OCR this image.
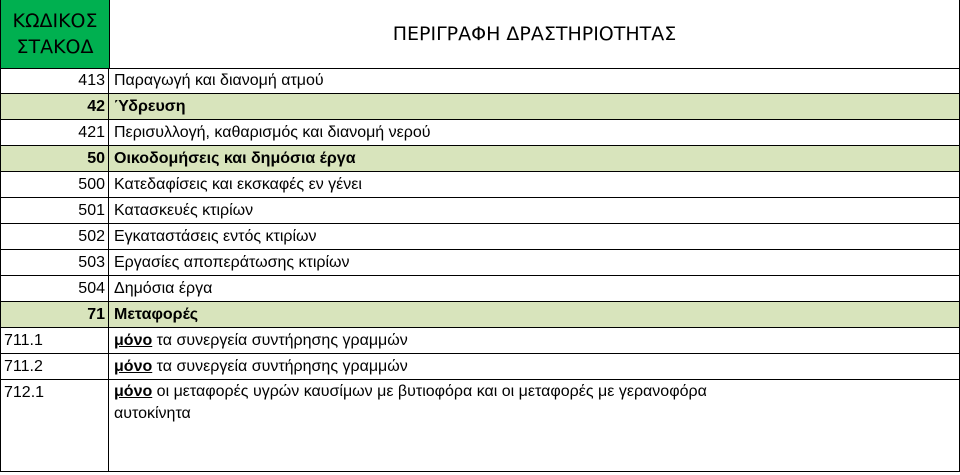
ΚΩΔΙΚΟΣ
ΣΤΑΚΟΔ
ΠΕΡΙΓΡΑΦΗ ΔΡΑΣΤΗΡΙΟΤΗΤΑΣ
413 Παραγωγή και διανομή ατμού
42 Ύδρευση
421 Περισυλλογή, καθαρισμός και διανομή νερού
50 Οικοδομήσεις και δημόσια έργα
500 Κατεδαφίσεις και εκσκαφές εν γένει
501 Κατασκευές κτιρίων
502 Εγκαταστάσεις εντός κτιρίων
503 Εργασίες αποπεράτωσης κτιρίων
504 Δημόσια έργα
71 Μεταφορές
711.1	μόνο τα συνεργεία συντήρησης γραμμών
711.2	μόνο τα συνεργεία συντήρησης γραμμών
712.1	μόνο οι μεταφορές υγρών καυσίμων με βυτιοφόρα και οι μεταφορές με γερανοφόρα αυτοκίνητα
